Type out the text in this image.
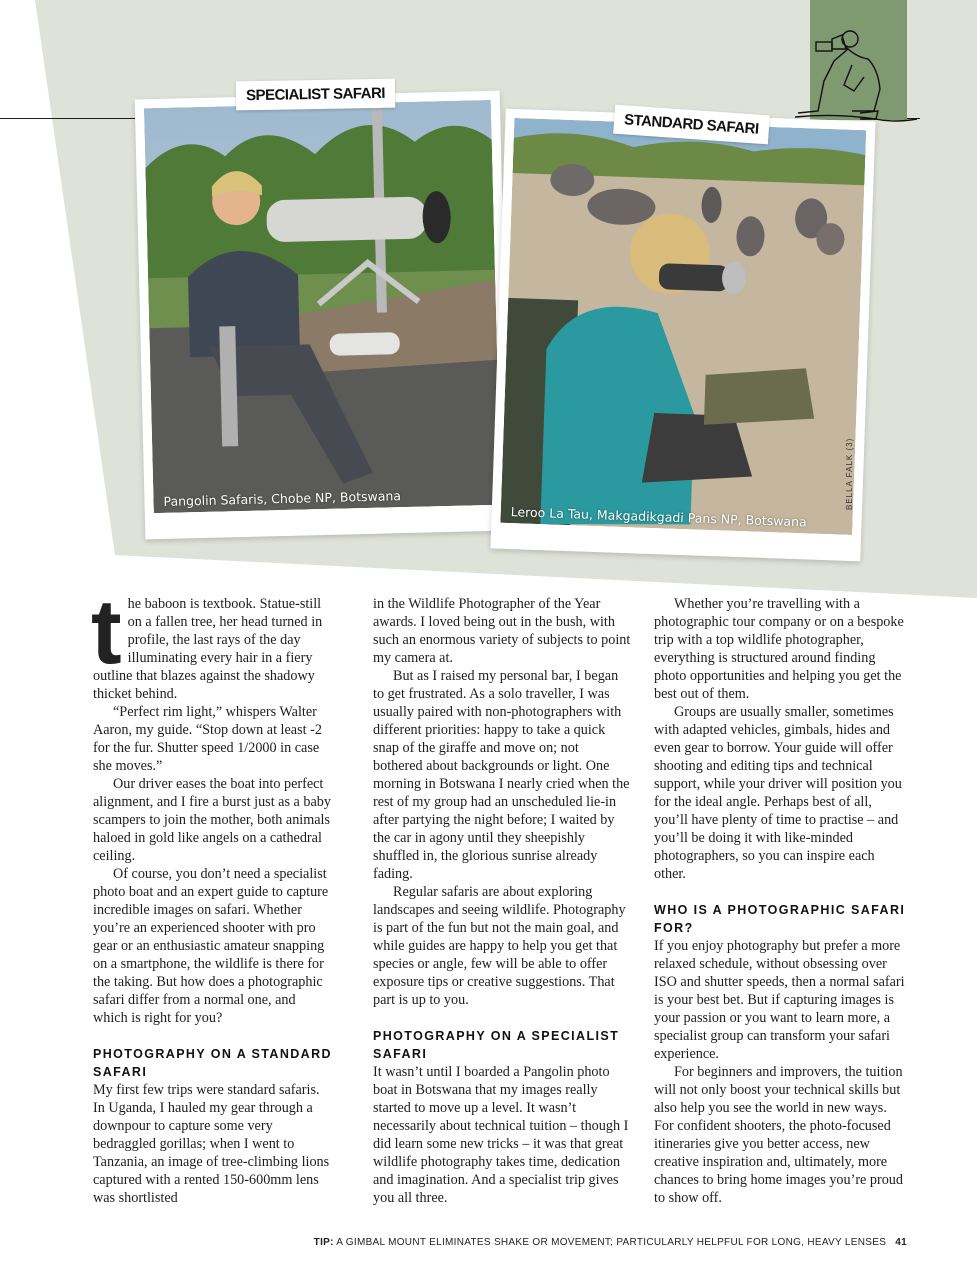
Pangolin Safaris, Chobe NP, Botswana
SPECIALIST SAFARI
Leroo La Tau, Makgadikgadi Pans NP, Botswana
STANDARD SAFARI
BELLA FALK (3)

the baboon is textbook. Statue-still on a fallen tree, her head turned in profile, the last rays of the day illuminating every hair in a fiery outline that blazes against the shadowy thicket behind.

“Perfect rim light,” whispers Walter Aaron, my guide. “Stop down at least -2 for the fur. Shutter speed 1/2000 in case she moves.”

Our driver eases the boat into perfect alignment, and I fire a burst just as a baby scampers to join the mother, both animals haloed in gold like angels on a cathedral ceiling.

Of course, you don’t need a specialist photo boat and an expert guide to capture incredible images on safari. Whether you’re an experienced shooter with pro gear or an enthusiastic amateur snapping on a smartphone, the wildlife is there for the taking. But how does a photographic safari differ from a normal one, and which is right for you?

PHOTOGRAPHY ON A STANDARD SAFARI

My first few trips were standard safaris. In Uganda, I hauled my gear through a downpour to capture some very bedraggled gorillas; when I went to Tanzania, an image of tree-climbing lions captured with a rented 150-600mm lens was shortlisted

in the Wildlife Photographer of the Year awards. I loved being out in the bush, with such an enormous variety of subjects to point my camera at.

But as I raised my personal bar, I began to get frustrated. As a solo traveller, I was usually paired with non-photographers with different priorities: happy to take a quick snap of the giraffe and move on; not bothered about backgrounds or light. One morning in Botswana I nearly cried when the rest of my group had an unscheduled lie-in after partying the night before; I waited by the car in agony until they sheepishly shuffled in, the glorious sunrise already fading.

Regular safaris are about exploring landscapes and seeing wildlife. Photography is part of the fun but not the main goal, and while guides are happy to help you get that species or angle, few will be able to offer exposure tips or creative suggestions. That part is up to you.

PHOTOGRAPHY ON A SPECIALIST SAFARI

It wasn’t until I boarded a Pangolin photo boat in Botswana that my images really started to move up a level. It wasn’t necessarily about technical tuition – though I did learn some new tricks – it was that great wildlife photography takes time, dedication and imagination. And a specialist trip gives you all three.

Whether you’re travelling with a photographic tour company or on a bespoke trip with a top wildlife photographer, everything is structured around finding photo opportunities and helping you get the best out of them.

Groups are usually smaller, sometimes with adapted vehicles, gimbals, hides and even gear to borrow. Your guide will offer shooting and editing tips and technical support, while your driver will position you for the ideal angle. Perhaps best of all, you’ll have plenty of time to practise – and you’ll be doing it with like-minded photographers, so you can inspire each other.

WHO IS A PHOTOGRAPHIC SAFARI FOR?

If you enjoy photography but prefer a more relaxed schedule, without obsessing over ISO and shutter speeds, then a normal safari is your best bet. But if capturing images is your passion or you want to learn more, a specialist group can transform your safari experience.

For beginners and improvers, the tuition will not only boost your technical skills but also help you see the world in new ways. For confident shooters, the photo-focused itineraries give you better access, new creative inspiration and, ultimately, more chances to bring home images you’re proud to show off.

TIP: A GIMBAL MOUNT ELIMINATES SHAKE OR MOVEMENT; PARTICULARLY HELPFUL FOR LONG, HEAVY LENSES 41
